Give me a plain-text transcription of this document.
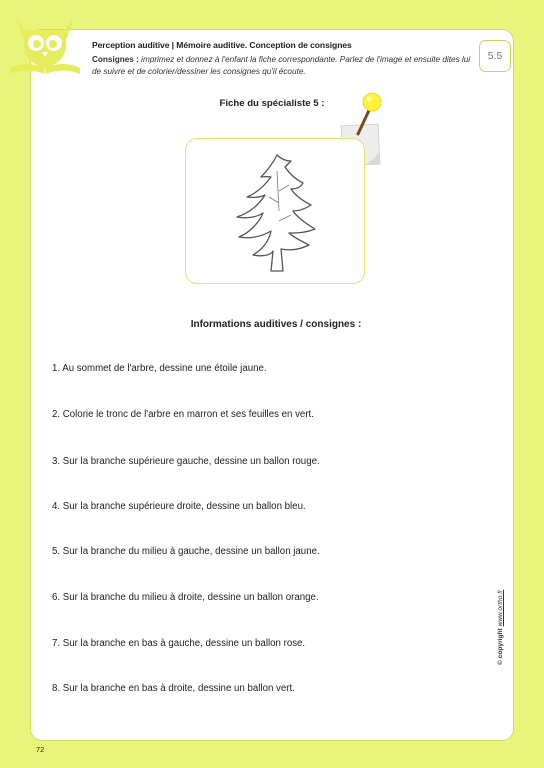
Perception auditive | Mémoire auditive. Conception de consignes
Consignes : imprimez et donnez à l'enfant la fiche correspondante. Parlez de l'image et ensuite dites lui de suivre et de colorier/dessiner les consignes qu'il écoute.
5.5
Fiche du spécialiste 5 :
Informations auditives / consignes :
1. Au sommet de l'arbre, dessine une étoile jaune.
2. Colorie le tronc de l'arbre en marron et ses feuilles en vert.
3. Sur la branche supérieure gauche, dessine un ballon rouge.
4. Sur la branche supérieure droite, dessine un ballon bleu.
5. Sur la branche du milieu à gauche, dessine un ballon jaune.
6. Sur la branche du milieu à droite, dessine un ballon orange.
7. Sur la branche en bas à gauche, dessine un ballon rose.
8. Sur la branche en bas à droite, dessine un ballon vert.
© copyright www.ortho.fr
72
